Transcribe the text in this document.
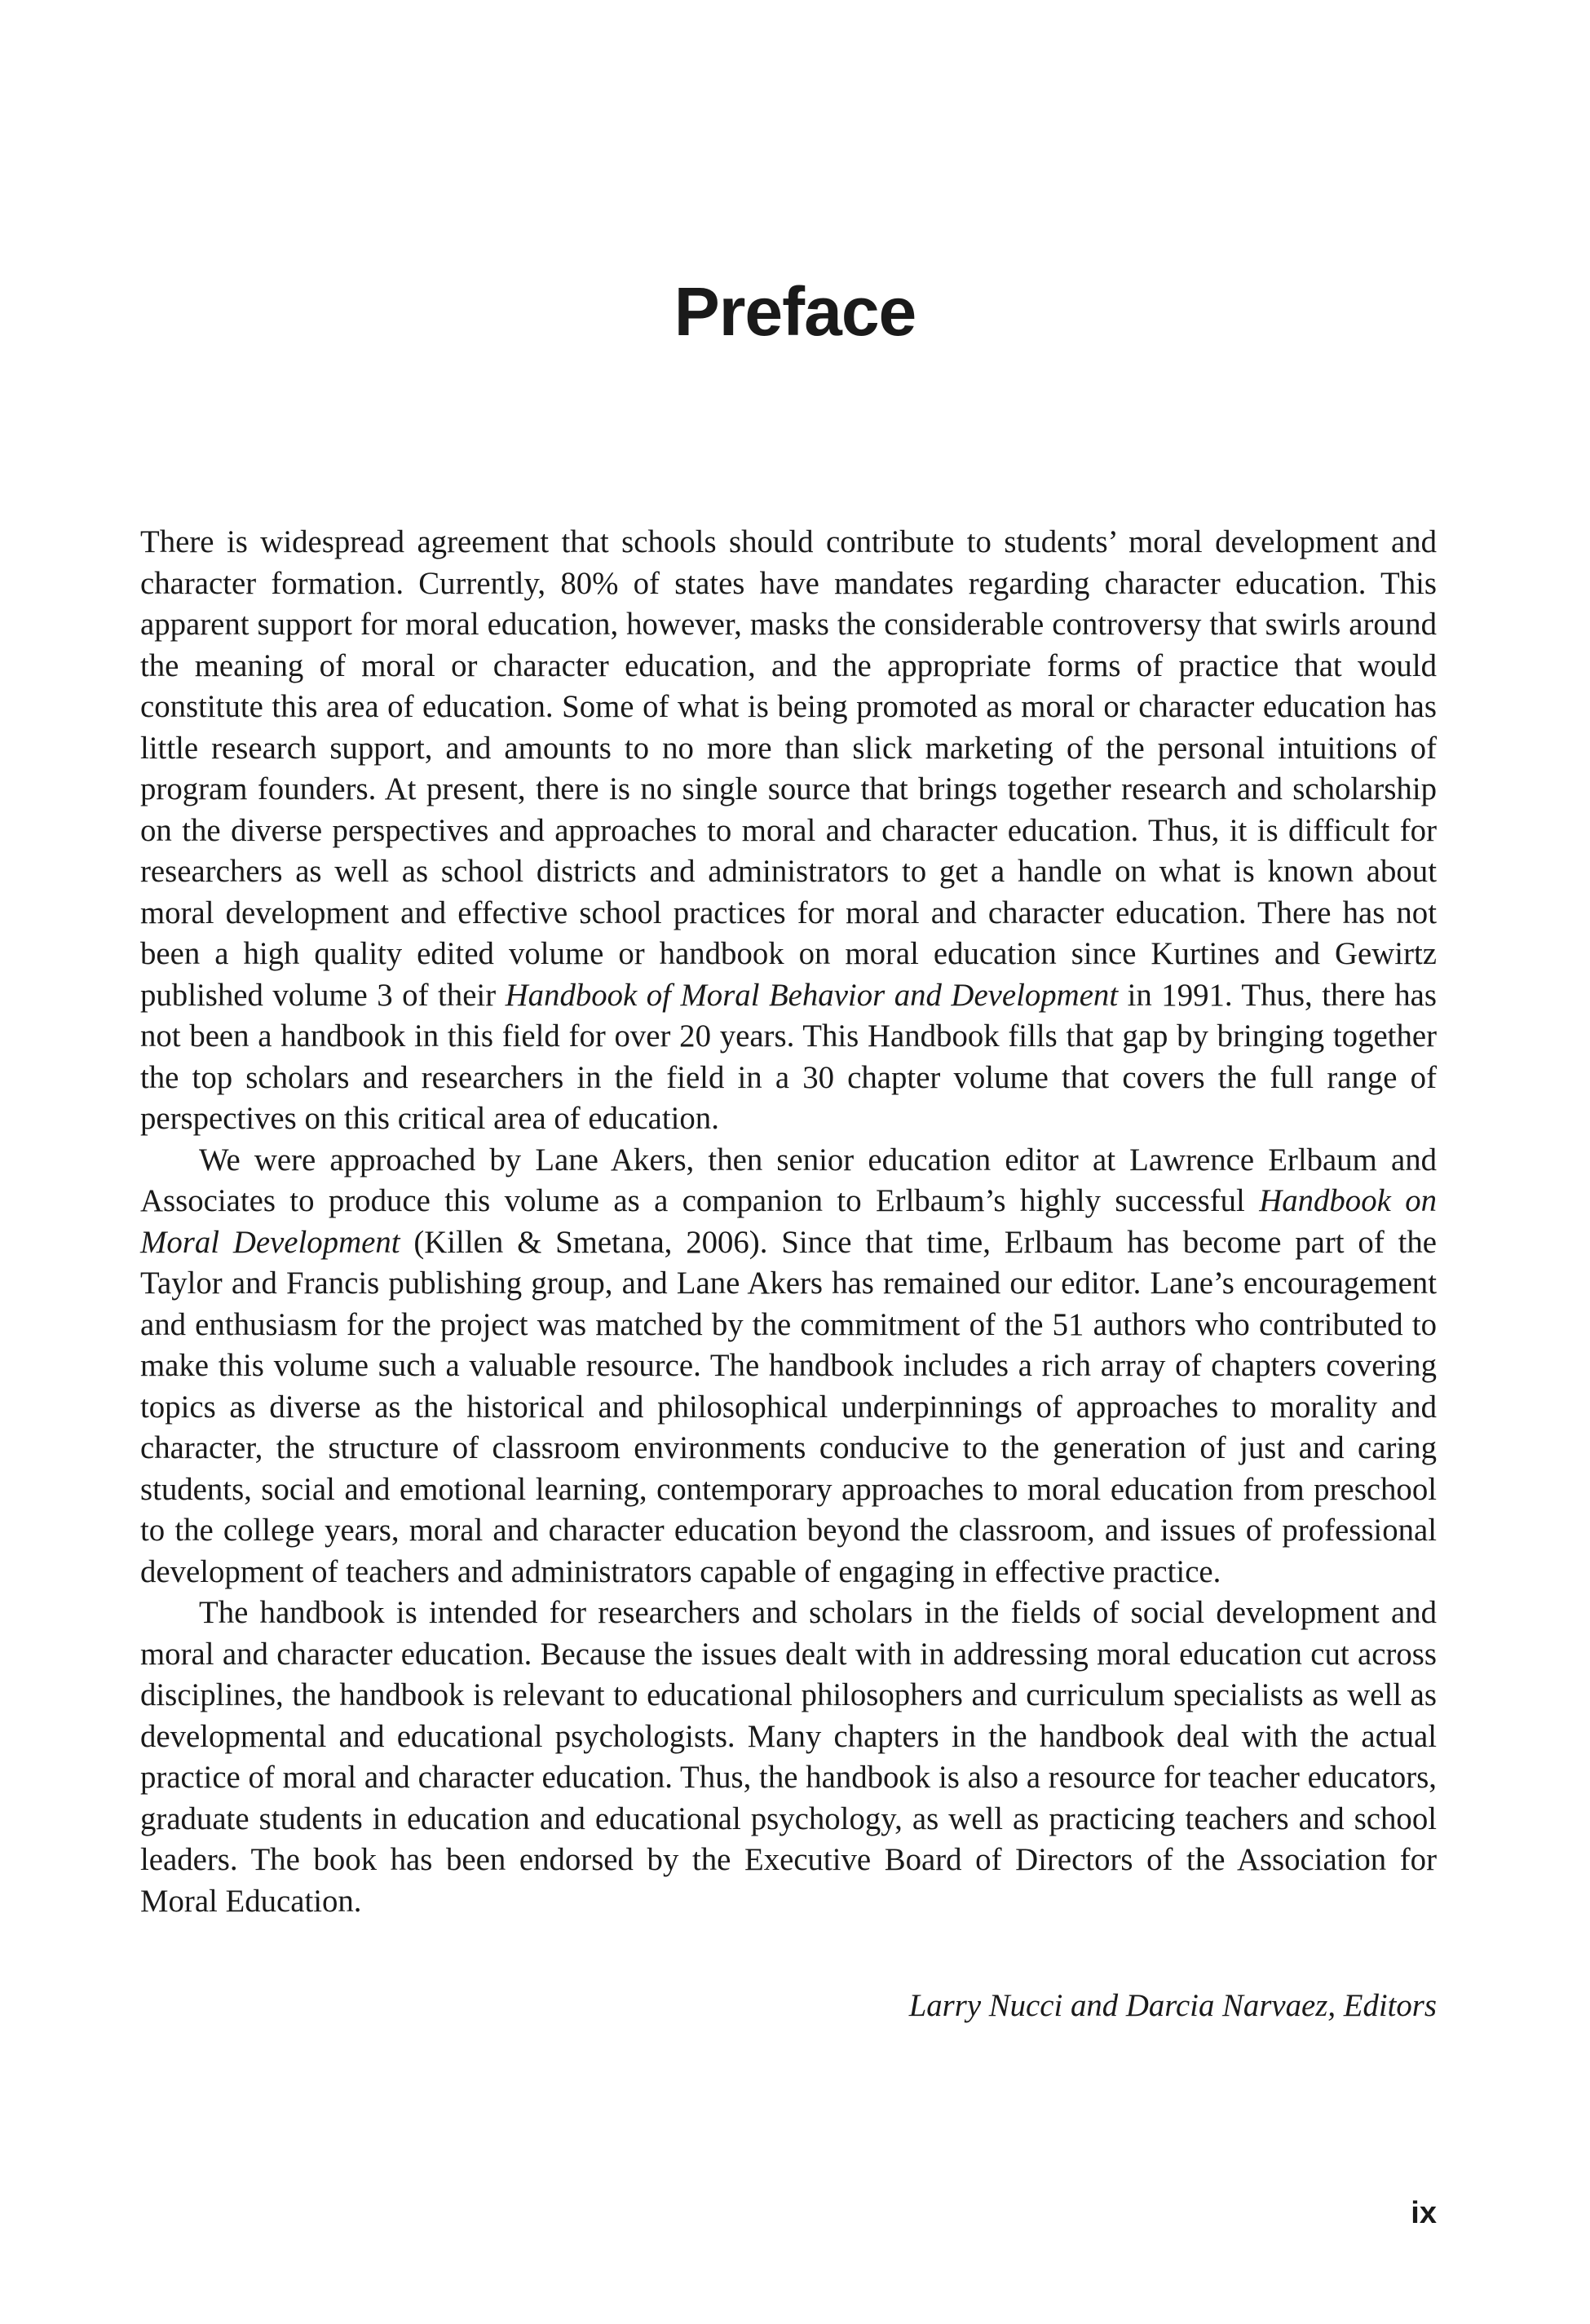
Preface

There is widespread agreement that schools should contribute to students’ moral development and character formation. Currently, 80% of states have mandates regarding character education. This apparent support for moral education, however, masks the considerable controversy that swirls around the meaning of moral or character education, and the appropriate forms of practice that would constitute this area of education. Some of what is being promoted as moral or character education has little research support, and amounts to no more than slick marketing of the personal intuitions of program founders. At present, there is no single source that brings together research and scholarship on the diverse perspectives and approaches to moral and character education. Thus, it is difficult for researchers as well as school districts and administrators to get a handle on what is known about moral development and effective school practices for moral and character education. There has not been a high quality edited volume or handbook on moral education since Kurtines and Gewirtz published volume 3 of their Handbook of Moral Behavior and Development in 1991. Thus, there has not been a handbook in this field for over 20 years. This Handbook fills that gap by bringing together the top scholars and researchers in the field in a 30 chapter volume that covers the full range of perspectives on this critical area of education.

We were approached by Lane Akers, then senior education editor at Lawrence Erlbaum and Associates to produce this volume as a companion to Erlbaum’s highly successful Handbook on Moral Development (Killen & Smetana, 2006). Since that time, Erlbaum has become part of the Taylor and Francis publishing group, and Lane Akers has remained our editor. Lane’s encouragement and enthusiasm for the project was matched by the commitment of the 51 authors who contributed to make this volume such a valuable resource. The handbook includes a rich array of chapters covering topics as diverse as the historical and philosophical underpinnings of approaches to morality and character, the structure of classroom environments conducive to the generation of just and caring students, social and emotional learning, contemporary approaches to moral education from preschool to the college years, moral and character education beyond the classroom, and issues of professional development of teachers and administrators capable of engaging in effective practice.

The handbook is intended for researchers and scholars in the fields of social development and moral and character education. Because the issues dealt with in addressing moral education cut across disciplines, the handbook is relevant to educational philosophers and curriculum specialists as well as developmental and educational psychologists. Many chapters in the handbook deal with the actual practice of moral and character education. Thus, the handbook is also a resource for teacher educators, graduate students in education and educational psychology, as well as practicing teachers and school leaders. The book has been endorsed by the Executive Board of Directors of the Association for Moral Education.

Larry Nucci and Darcia Narvaez, Editors
ix
